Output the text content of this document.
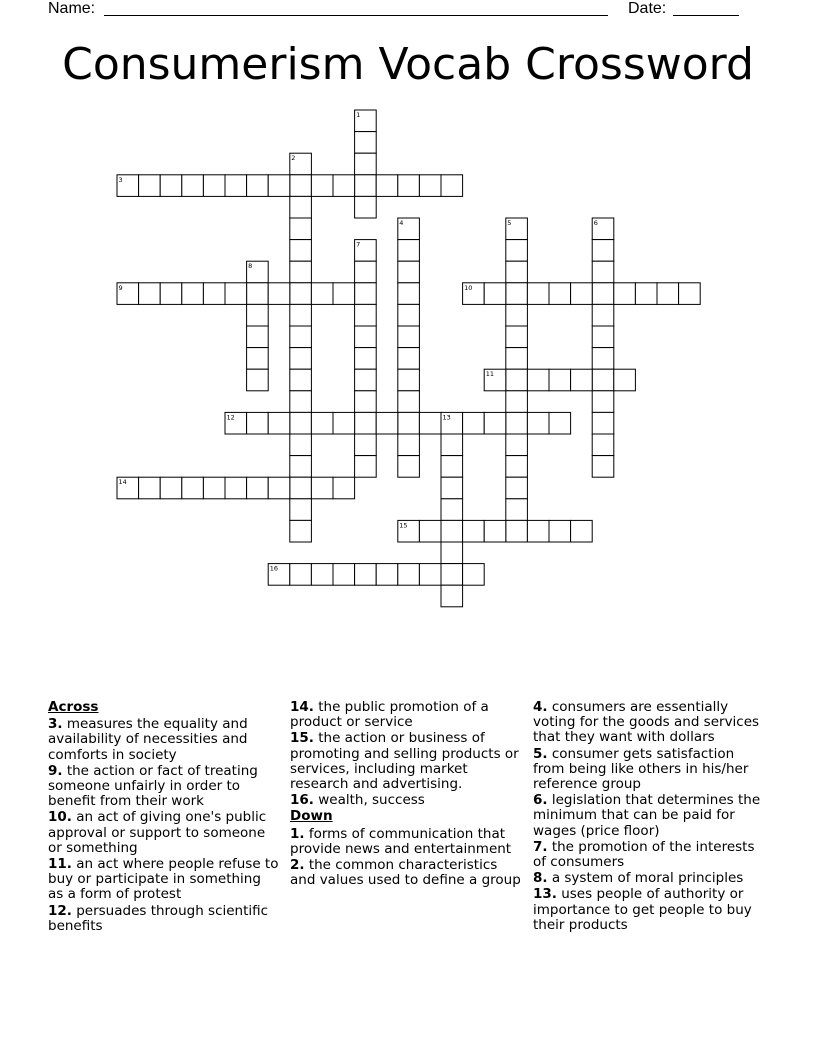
Name:	Date:
Consumerism Vocab Crossword
1
2
3
4	5	6
7
8
9	10
11
12	13
14
15
16
Across
3. measures the equality and availability of necessities and comforts in society
9. the action or fact of treating someone unfairly in order to benefit from their work
10. an act of giving one's public approval or support to someone or something
11. an act where people refuse to buy or participate in something as a form of protest
12. persuades through scientific benefits
14. the public promotion of a product or service
15. the action or business of promoting and selling products or services, including market research and advertising.
16. wealth, success
Down
1. forms of communication that provide news and entertainment
2. the common characteristics and values used to define a group
4. consumers are essentially voting for the goods and services that they want with dollars
5. consumer gets satisfaction from being like others in his/her reference group
6. legislation that determines the minimum that can be paid for wages (price floor)
7. the promotion of the interests of consumers
8. a system of moral principles
13. uses people of authority or importance to get people to buy their products
